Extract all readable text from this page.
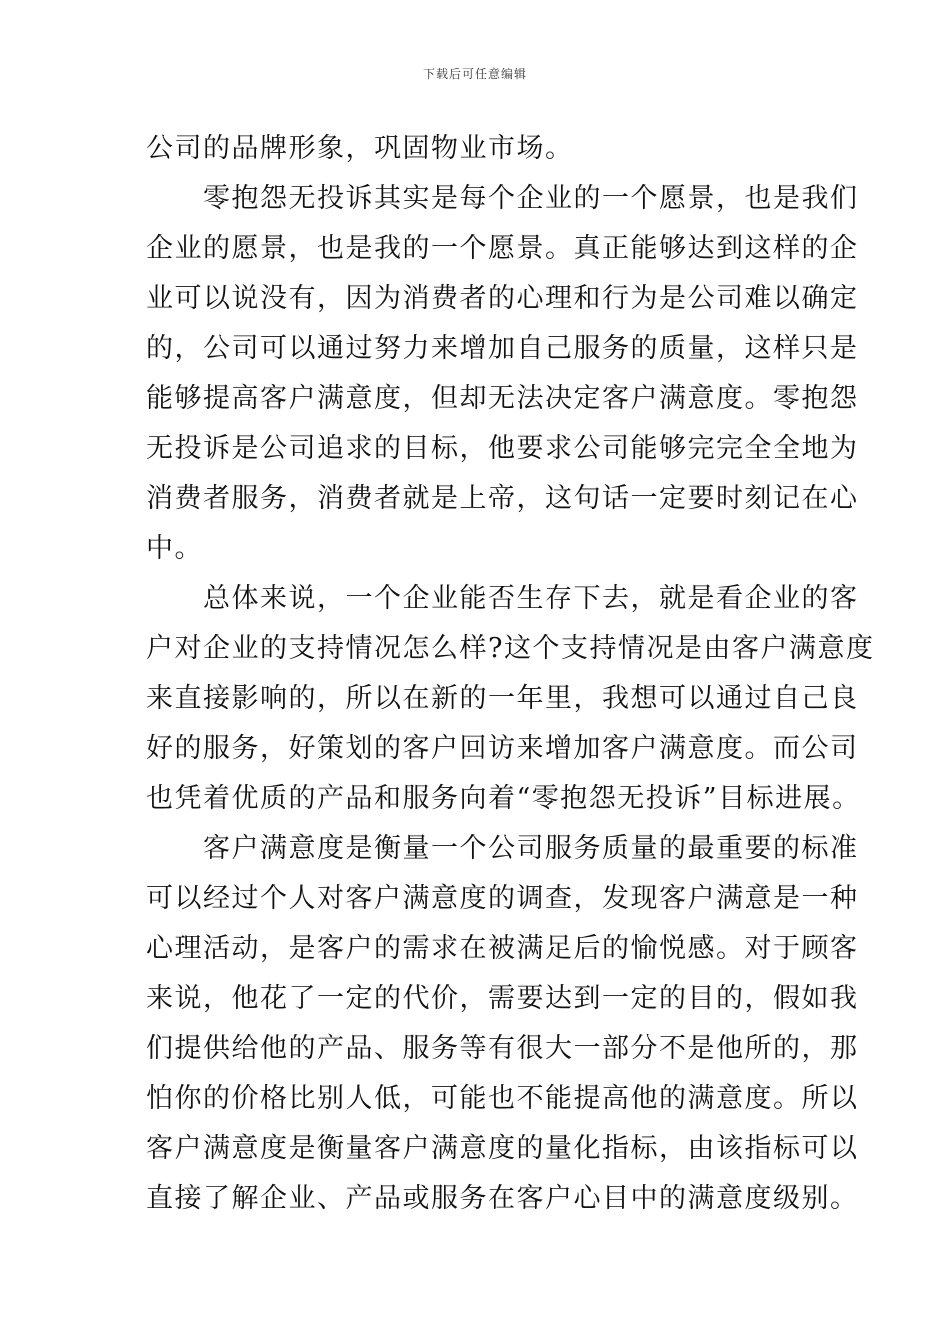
下载后可任意编辑

公司的品牌形象，巩固物业市场。

　　零抱怨无投诉其实是每个企业的一个愿景，也是我们

企业的愿景，也是我的一个愿景。真正能够达到这样的企

业可以说没有，因为消费者的心理和行为是公司难以确定

的，公司可以通过努力来增加自己服务的质量，这样只是

能够提高客户满意度，但却无法决定客户满意度。零抱怨

无投诉是公司追求的目标，他要求公司能够完完全全地为

消费者服务，消费者就是上帝，这句话一定要时刻记在心

中。

　　总体来说，一个企业能否生存下去，就是看企业的客

户对企业的支持情况怎么样?这个支持情况是由客户满意度

来直接影响的，所以在新的一年里，我想可以通过自己良

好的服务，好策划的客户回访来增加客户满意度。而公司

也凭着优质的产品和服务向着“零抱怨无投诉”目标进展。

　　客户满意度是衡量一个公司服务质量的最重要的标准

可以经过个人对客户满意度的调查，发现客户满意是一种

心理活动，是客户的需求在被满足后的愉悦感。对于顾客

来说，他花了一定的代价，需要达到一定的目的，假如我

们提供给他的产品、服务等有很大一部分不是他所的，那

怕你的价格比别人低，可能也不能提高他的满意度。所以

客户满意度是衡量客户满意度的量化指标，由该指标可以

直接了解企业、产品或服务在客户心目中的满意度级别。
